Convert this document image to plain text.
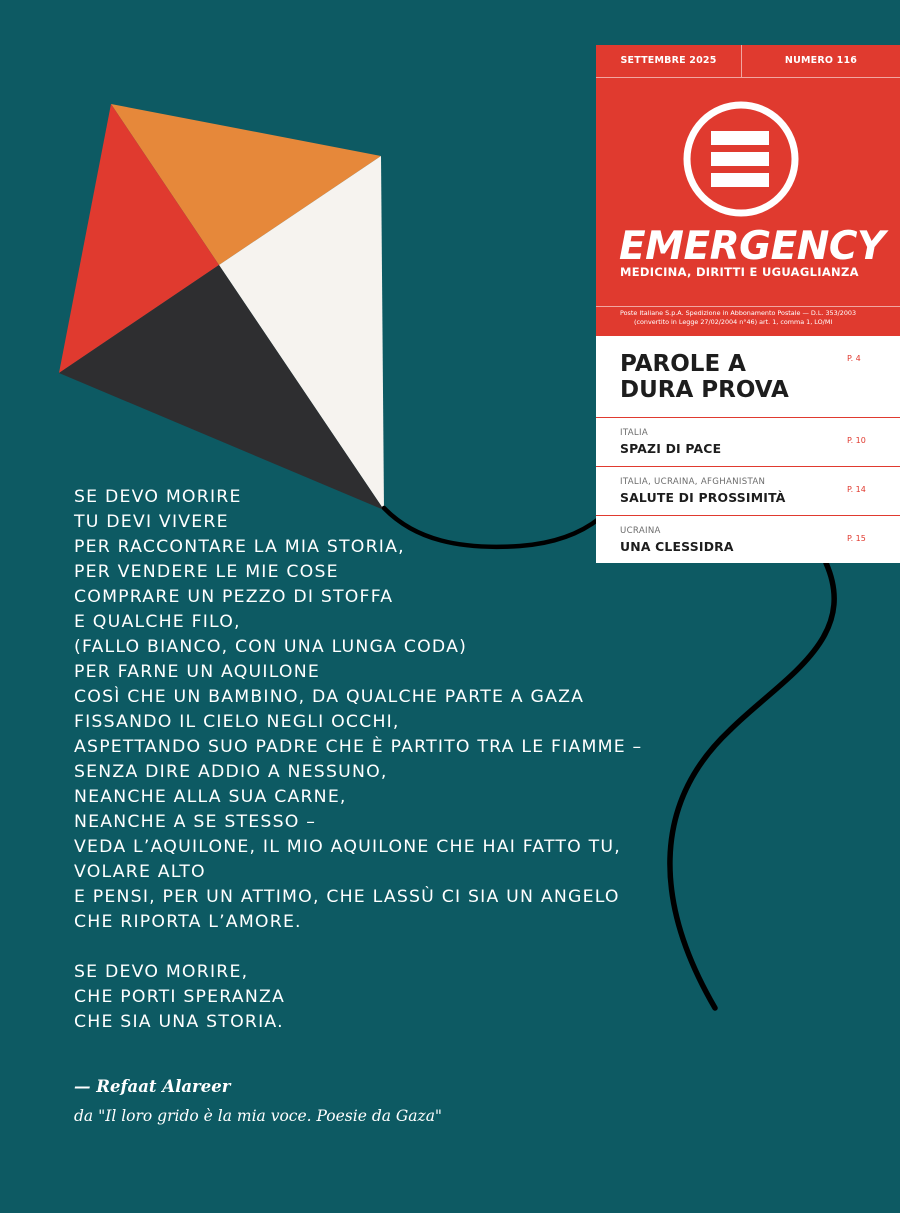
SETTEMBRE 2025	NUMERO 116
EMERGENCY
MEDICINA, DIRITTI E UGUAGLIANZA
Poste Italiane S.p.A. Spedizione in Abbonamento Postale — D.L. 353/2003
(convertito in Legge 27/02/2004 n°46) art. 1, comma 1, LO/MI
PAROLE A
DURA PROVA
P. 4
ITALIA
SPAZI DI PACE
P. 10
ITALIA, UCRAINA, AFGHANISTAN
SALUTE DI PROSSIMITÀ
P. 14
UCRAINA
UNA CLESSIDRA
P. 15
SE DEVO MORIRE
TU DEVI VIVERE
PER RACCONTARE LA MIA STORIA,
PER VENDERE LE MIE COSE
COMPRARE UN PEZZO DI STOFFA
E QUALCHE FILO,
(FALLO BIANCO, CON UNA LUNGA CODA)
PER FARNE UN AQUILONE
COSÌ CHE UN BAMBINO, DA QUALCHE PARTE A GAZA
FISSANDO IL CIELO NEGLI OCCHI,
ASPETTANDO SUO PADRE CHE È PARTITO TRA LE FIAMME –
SENZA DIRE ADDIO A NESSUNO,
NEANCHE ALLA SUA CARNE,
NEANCHE A SE STESSO –
VEDA L’AQUILONE, IL MIO AQUILONE CHE HAI FATTO TU,
VOLARE ALTO
E PENSI, PER UN ATTIMO, CHE LASSÙ CI SIA UN ANGELO
CHE RIPORTA L’AMORE.
SE DEVO MORIRE,
CHE PORTI SPERANZA
CHE SIA UNA STORIA.
— Refaat Alareer
da "Il loro grido è la mia voce. Poesie da Gaza"
